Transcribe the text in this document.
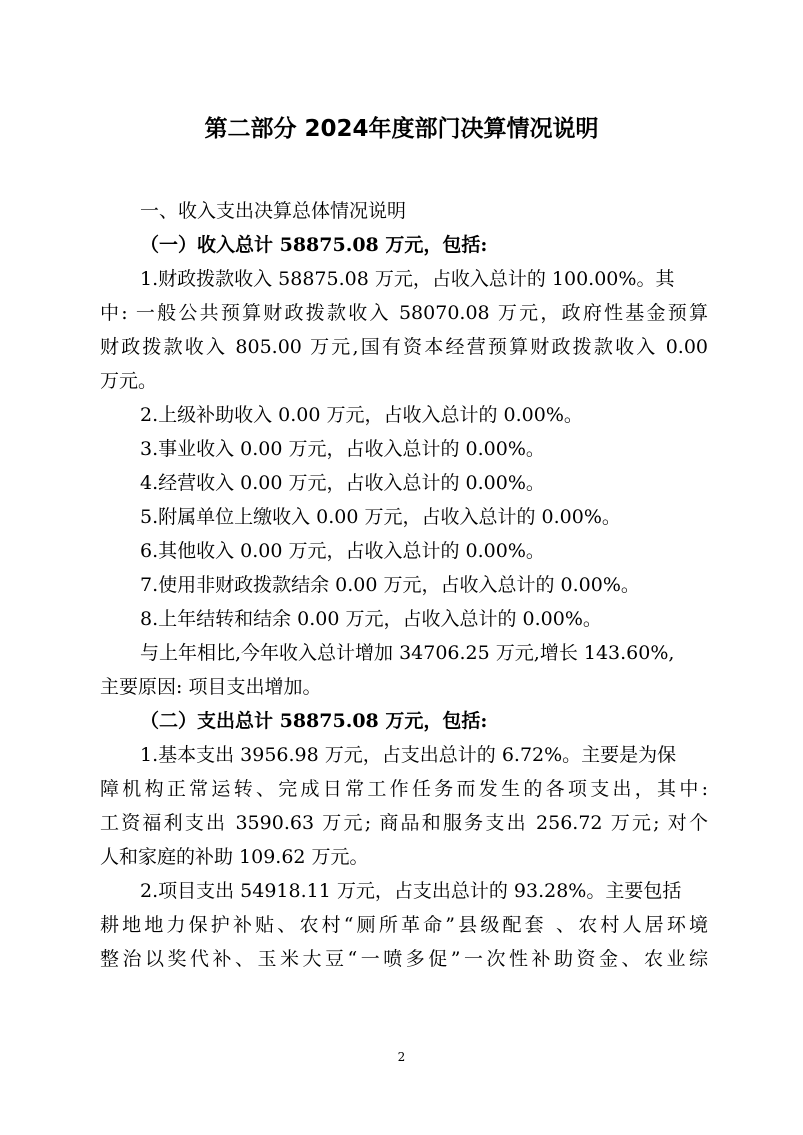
第二部分 2024年度部门决算情况说明
一、收入支出决算总体情况说明
（一）收入总计 58875.08 万元，包括:
1.财政拨款收入 58875.08 万元，占收入总计的 100.00%。其
中: 一般公共预算财政拨款收入 58070.08 万元，政府性基金预算
财政拨款收入 805.00 万元,国有资本经营预算财政拨款收入 0.00
万元。
2.上级补助收入 0.00 万元，占收入总计的 0.00%。
3.事业收入 0.00 万元，占收入总计的 0.00%。
4.经营收入 0.00 万元，占收入总计的 0.00%。
5.附属单位上缴收入 0.00 万元，占收入总计的 0.00%。
6.其他收入 0.00 万元，占收入总计的 0.00%。
7.使用非财政拨款结余 0.00 万元，占收入总计的 0.00%。
8.上年结转和结余 0.00 万元，占收入总计的 0.00%。
与上年相比,今年收入总计增加 34706.25 万元,增长 143.60%,
主要原因: 项目支出增加。
（二）支出总计 58875.08 万元，包括:
1.基本支出 3956.98 万元，占支出总计的 6.72%。主要是为保
障机构正常运转、完成日常工作任务而发生的各项支出，其中:
工资福利支出 3590.63 万元; 商品和服务支出 256.72 万元; 对个
人和家庭的补助 109.62 万元。
2.项目支出 54918.11 万元，占支出总计的 93.28%。主要包括
耕地地力保护补贴、农村“厕所革命”县级配套 、农村人居环境
整治以奖代补、玉米大豆“一喷多促”一次性补助资金、农业综
2
